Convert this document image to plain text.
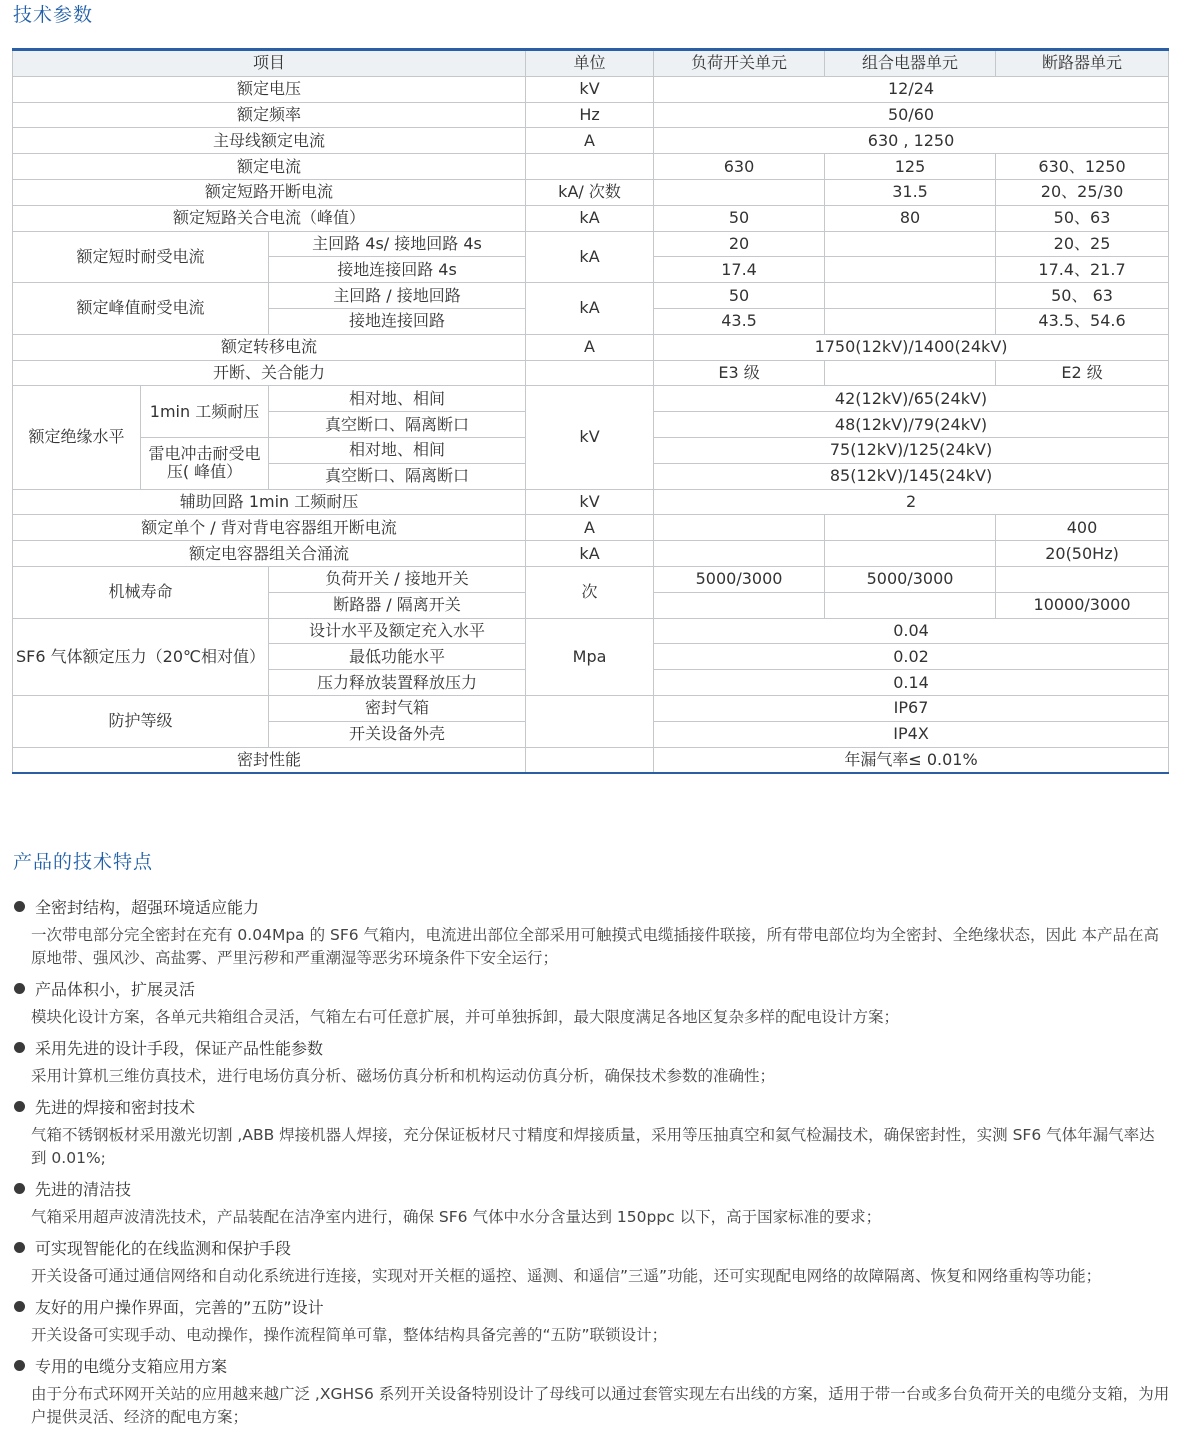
技术参数
项目			单位	负荷开关单元	组合电器单元	断路器单元
额定电压			kV	12/24		
额定频率			Hz	50/60		
主母线额定电流			A	630 , 1250		
额定电流				630	125	630、1250
额定短路开断电流			kA/ 次数		31.5	20、25/30
额定短路关合电流（峰值）			kA	50	80	50、63
额定短时耐受电流		主回路 4s/ 接地回路 4s	kA	20		20、25
		接地连接回路 4s		17.4		17.4、21.7
额定峰值耐受电流		主回路 / 接地回路	kA	50		50、 63
		接地连接回路		43.5		43.5、54.6
额定转移电流			A	1750(12kV)/1400(24kV)		
开断、关合能力				E3 级		E2 级
额定绝缘水平	1min 工频耐压	相对地、相间	kV	42(12kV)/65(24kV)		
		真空断口、隔离断口		48(12kV)/79(24kV)		
	雷电冲击耐受电压( 峰值）	相对地、相间		75(12kV)/125(24kV)		
		真空断口、隔离断口		85(12kV)/145(24kV)		
辅助回路 1min 工频耐压			kV	2		
额定单个 / 背对背电容器组开断电流			A			400
额定电容器组关合涌流			kA			20(50Hz)
机械寿命		负荷开关 / 接地开关	次	5000/3000	5000/3000	
		断路器 / 隔离开关				10000/3000
SF6 气体额定压力（20℃相对值）		设计水平及额定充入水平	Mpa	0.04		
		最低功能水平		0.02		
		压力释放装置释放压力		0.14		
防护等级		密封气箱		IP67		
		开关设备外壳		IP4X		
密封性能				年漏气率≤ 0.01%		
产品的技术特点
全密封结构，超强环境适应能力
一次带电部分完全密封在充有 0.04Mpa 的 SF6 气箱内，电流进出部位全部采用可触摸式电缆插接件联接，所有带电部位均为全密封、全绝缘状态，因此 本产品在高原地带、强风沙、高盐雾、严里污秽和严重潮湿等恶劣环境条件下安全运行；
产品体积小，扩展灵活
模块化设计方案，各单元共箱组合灵活，气箱左右可任意扩展，并可单独拆卸，最大限度满足各地区复杂多样的配电设计方案；
采用先进的设计手段，保证产品性能参数
采用计算机三维仿真技术，进行电场仿真分析、磁场仿真分析和机构运动仿真分析，确保技术参数的准确性；
先进的焊接和密封技术
气箱不锈钢板材采用激光切割 ,ABB 焊接机器人焊接，充分保证板材尺寸精度和焊接质量，采用等压抽真空和氦气检漏技术，确保密封性，实测 SF6 气体年漏气率达到 0.01%;
先进的清洁技
气箱采用超声波清洗技术，产品装配在洁净室内进行，确保 SF6 气体中水分含量达到 150ppc 以下，高于国家标准的要求；
可实现智能化的在线监测和保护手段
开关设备可通过通信网络和自动化系统进行连接，实现对开关框的遥控、遥测、和遥信”三遥”功能，还可实现配电网络的故障隔离、恢复和网络重构等功能；
友好的用户操作界面，完善的”五防”设计
开关设备可实现手动、电动操作，操作流程简单可靠，整体结构具备完善的“五防”联锁设计；
专用的电缆分支箱应用方案
由于分布式环网开关站的应用越来越广泛 ,XGHS6 系列开关设备特别设计了母线可以通过套管实现左右出线的方案，适用于带一台或多台负荷开关的电缆分支箱，为用户提供灵活、经济的配电方案；
